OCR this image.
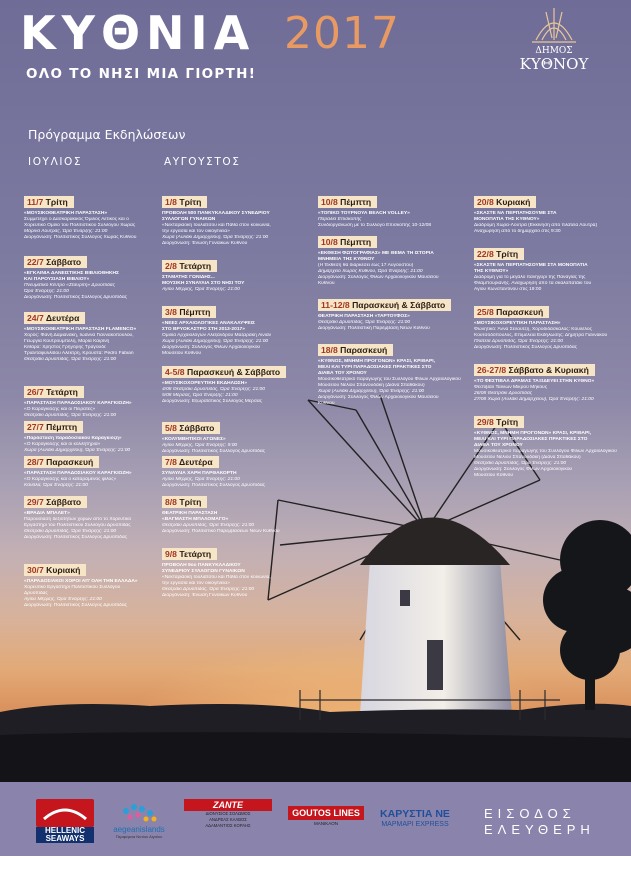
ΚΥΘΝΙΑ 2017
ΟΛΟ ΤΟ ΝΗΣΙ ΜΙΑ ΓΙΟΡΤΗ!
ΔΗΜΟΣ
ΚΥΘΝΟΥ
Πρόγραμμα Εκδηλώσεων
ΙΟΥΛΙΟΣ	ΑΥΓΟΥΣΤΟΣ
11/7 Τρίτη
«ΜΟΥΣΙΚΟΘΕΑΤΡΙΚΗ ΠΑΡΑΣΤΑΣΗ»
Συμμετέχει ο Δασκαρακικός Όμιλος Αετικός και ο
Χορευτικό Ομίλο του Πολιτιστικού Συλλόγου Χώρας
Μαρίνα Λουτράς, Ώρα Έναρξης: 21:00
Διοργάνωση: Πολιτιστικός Σύλλογος Χώρας Κύθνου
22/7 Σάββατο
«ΕΓΚΑΙΝΙΑ ΔΑΝΕΙΣΤΙΚΗΣ ΒΙΒΛΙΟΘΗΚΗΣ
ΚΑΙ ΠΑΡΟΥΣΙΑΣΗ ΒΙΒΛΙΟΥ»
Πνευματικό Κέντρο «Σταυρίτη» Δρυοπίδας
Ώρα Έναρξης: 21:00
Διοργάνωση: Πολιτιστικός Σύλλογος Δρυοπίδας
24/7 Δευτέρα
«ΜΟΥΣΙΚΟΘΕΑΤΡΙΚΗ ΠΑΡΑΣΤΑΣΗ FLAMENCO»
Χορός: Φανή Δαμιανάκη, Ιωάννα Γιαννακοπούλου,
Γεωργία Κουτρουμπέλη, Μαρία Καιρίνη
Κιθάρα: Χρήστος Γρηγόρης Τραγούδι:
Τριανταφυλλίδου Αλέκτρη, Κρουστά: Pedro Fabian
Θεατράκι Δρυοπίδας, Ώρα Έναρξης: 21:00
26/7 Τετάρτη
«ΠΑΡΑΣΤΑΣΗ ΠΑΡΑΔΟΣΙΑΚΟΥ ΚΑΡΑΓΚΙΟΖΗ»
«Ο Καραγκιόζης και οι Πειρατές»
Θεατράκι Δρυοπίδας, Ώρα Έναρξης: 21:00
27/7 Πέμπτη
«Παράσταση παραδοσιακού Καραγκιόζη»
«Ο Καραγκιόζης και οι κολλητήρια»
Χώρα (Αυλάκι Δημαρχείου), Ώρα Έναρξης: 21:00
28/7 Παρασκευή
«ΠΑΡΑΣΤΑΣΗ ΠΑΡΑΔΟΣΙΑΚΟΥ ΚΑΡΑΓΚΙΟΖΗ»
«Ο Καραγκιόζης και ο καταραμένος φίλος»
Κανάλα, Ώρα Έναρξης: 21:00
29/7 Σάββατο
«ΒΡΑΔΙΑ ΜΠΑΛΕΤ»
Παρουσίαση δεξιοτήτων χορών από το Χορευτικό
Εργαστήρι του Πολιτιστικού Συλλόγου Δρυοπίδας
Θεατράκι Δρυοπίδας, Ώρα Έναρξης: 21:00
Διοργάνωση: Πολιτιστικός Σύλλογος Δρυοπίδας
30/7 Κυριακή
«ΠΑΡΑΔΟΣΙΑΚΟΙ ΧΟΡΟΙ ΑΠ' ΟΛΗ ΤΗΝ ΕΛΛΑΔΑ»
Χορευτικό Εργαστήρι Πολιτιστικού Συλλόγου
Δρυοπίδας
Αγίου Μέρμης, Ώρα Έναρξης: 21:00
Διοργάνωση: Πολιτιστικός Σύλλογος Δρυοπίδας
1/8 Τρίτη
ΠΡΟΒΟΛΗ 500 ΠΑΝΚΥΚΛΑΔΙΚΟΥ ΣΥΝΕΔΡΙΟΥ
ΣΥΛΛΟΓΩΝ ΓΥΝΑΙΚΩΝ
«Νεκτάριαοκη Ιουλιάτσου και Πάθα στον κοινωνία,
την εργασία και τον οικογένεια»
Χώρα (Αυλάκι Δημαρχείου), Ώρα Έναρξης: 21:00
Διοργάνωση: Ένωση Γυναικών Κύθνου
2/8 Τετάρτη
ΣΤΑΜΑΤΗΣ ΓΩΝΙΔΗΣ...
ΜΟΥΣΙΚΗ ΣΥΝΑΥΛΙΑ ΣΤΟ ΝΗΣΙ ΤΟΥ
Αγίου Μέρμης, Ώρα Έναρξης: 21:00
3/8 Πέμπτη
«ΝΕΕΣ ΑΡΧΑΙΟΛΟΓΙΚΕΣ ΑΝΑΚΑΛΥΨΕΙΣ
ΣΤΟ ΒΡΥΟΚΑΣΤΡΟ ΣΤΗ 2013-2017»
Ομιλία Αρχαιολόγων Αλεξάνδρου Μαζαράκη Αινιάν
Χώρα (Αυλάκι Δημαρχείου), Ώρα Έναρξης: 21:00
Διοργάνωση: Σύλλογος Φίλων Αρχαιολογικού
Μουσείου Κύθνου
4-5/8 Παρασκευή & Σάββατο
«ΜΟΥΣΙΚΟΧΟΡΕΥΤΙΚΗ ΕΚΔΗΛΩΣΗ»
4/08 Θεατράκι Δρυοπίδας, Ώρα Έναρξης: 21:00
5/08 Μέρσας, Ώρα Έναρξης: 21:00
Διοργάνωση: Εξωραϊστικός Σύλλογος Μέρσας
5/8 Σάββατο
«ΚΟΛΥΜΒΗΤΙΚΟΙ ΑΓΩΝΕΣ»
Αγίου Μέρμης, Ώρα Έναρξης: 9:00
Διοργάνωση: Πολιτιστικός Σύλλογος Δρυοπίδας
7/8 Δευτέρα
ΣΥΝΑΥΛΙΑ ΧΑΡΗ ΠΑΡΘΑΚΟΡΤΗ
Αγίου Μέρμης, Ώρα Έναρξης: 21:00
Διοργάνωση: Πολιτιστικός Σύλλογος Δρυοπίδας
8/8 Τρίτη
ΘΕΑΤΡΙΚΗ ΠΑΡΑΣΤΑΣΗ
«ΒΑΓΜΑΣΤΗ ΜΠΑΛΟΜΑΓΟ»
Θεατράκι Δρυοπίδας, Ώρα Έναρξης: 21:00
Διοργάνωση: Πολιτιστικό Παρεμβάσεων Νέων Κύθνου
9/8 Τετάρτη
ΠΡΟΒΟΛΗ 9ου ΠΑΝΚΥΚΛΑΔΙΚΟΥ
ΣΥΝΕΔΡΙΟΥ ΣΥΛΛΟΓΩΝ ΓΥΝΑΙΚΩΝ
«Νεκτάριαοκη Ιουλιάτσου και Πάθα στον κοινωνία,
την εργασία και τον οικογένεια»
Θεατράκι Δρυοπίδας, Ώρα Έναρξης: 21:00
Διοργάνωση: Ένωση Γυναικών Κύθνου
10/8 Πέμπτη
«ΤΟΠΙΚΟ ΤΟΥΡΝΟΥΑ BEACH VOLLEY»
Παραλία Επισκοπής
Συνδιοργάνωση με το Σύλλογο Επισκοπής 10-12/08
10/8 Πέμπτη
«ΕΚΘΕΣΗ ΦΩΤΟΓΡΑΦΙΑΣ» ΜΕ ΘΕΜΑ ΤΗ ΙΣΤΟΡΙΑ
ΜΝΗΜΕΙΑ ΤΗΣ ΚΥΘΝΟΥ
(Η Έκθεση θα διαρκέσει έως 17 Αυγούστου)
Δημαρχείο Χώρας Κύθνου, Ώρα Έναρξης: 21:00
Διοργάνωση: Σύλλογος Φίλων Αρχαιολογικού Μουσείου
Κύθνου
11-12/8 Παρασκευή & Σάββατο
ΘΕΑΤΡΙΚΗ ΠΑΡΑΣΤΑΣΗ «ΤΑΡΤΟΥΦΟΣ»
Θεατράκι Δρυοπίδας, Ώρα Έναρξης: 21:00
Διοργάνωση: Πολιτιστική Παρέμβαση Νέων Κύθνου
18/8 Παρασκευή
«ΚΥΘΝΟΣ, ΜΝΗΜΗ ΠΡΟΓΟΝΩΝ» ΚΡΑΣΙ, ΚΡΙΘΑΡΙ,
ΜΕΛΙ ΚΑΙ ΤΥΡΙ ΠΑΡΑΔΟΣΙΑΚΕΣ ΠΡΑΚΤΙΚΕΣ ΣΤΟ
ΔΙΑΒΑ ΤΟΥ ΧΡΟΝΟΥ
Μουσικοθεατρικό παραγωγής του Συλλόγου Φίλων Αρχαιολογικού
Μουσείου Νέλιου Σπανουδάκη (Διάνα Σπαθάκου)
Χώρα (Αυλάκι Δημαρχείου), Ώρα Έναρξης: 21:00
Διοργάνωση: Σύλλογος Φίλων Αρχαιολογικού Μουσείου
Κύθνου
20/8 Κυριακή
«ΣΚΑΣΤΕ ΝΑ ΠΕΡΠΑΤΗΣΟΥΜΕ ΣΤΑ
ΜΟΝΟΠΑΤΙΑ ΤΗΣ ΚΥΘΝΟΥ»
Διαδρομή Χώρα-Λουτρά (Εκκίνηση από πλατεία Λουτρά)
Αναχώρηση από το δημαρχείο στις 9:30
22/8 Τρίτη
«ΣΚΑΣΤΕ ΝΑ ΠΕΡΠΑΤΗΣΟΥΜΕ ΣΤΑ ΜΟΝΟΠΑΤΙΑ
ΤΗΣ ΚΥΘΝΟΥ»
Διαδρομή για το μεγάλο πανηγύρι της Παναγίας της
Φλαμπουριανής. Αναχώρηση από τα σκαλοπατάκι του
Αγίου Κωνσταντίνου στις 19:00
25/8 Παρασκευή
«ΜΟΥΣΙΚΟΧΟΡΕΥΤΙΚΗ ΠΑΡΑΣΤΑΣΗ»
Φωνητικό: Άννα Σέλουτζη, Χοροδιδάσκαλος: Κουλέλος
Κουτσόδόπουλος, Επιμέλεια Εκδήλωσης: Δήμητρα Γιαννακού
Πλατεία Δρυοπίδας, Ώρα Έναρξης: 21:00
Διοργάνωση: Πολιτιστικός Σύλλογος Δρυοπίδας
26-27/8 Σάββατο & Κυριακή
«ΤΟ ΦΕΣΤΙΒΑΛ ΔΡΑΜΑΣ ΤΑΞΙΔΕΥΕΙ ΣΤΗΝ ΚΥΘΝΟ»
Φεστιβάλ Ταινιών Μικρού Μήκους
26/08 Θεατράκι Δρυοπίδας
27/08 Χώρα (Αυλάκι Δημαρχείου), Ώρα Έναρξης: 21:00
29/8 Τρίτη
«ΚΥΘΝΟΣ, ΜΝΗΜΗ ΠΡΟΓΟΝΩΝ» ΚΡΑΣΙ, ΚΡΙΘΑΡΙ,
ΜΕΛΙ ΚΑΙ ΤΥΡΙ ΠΑΡΑΔΟΣΙΑΚΕΣ ΠΡΑΚΤΙΚΕΣ ΣΤΟ
ΔΙΑΒΑ ΤΟΥ ΧΡΟΝΟΥ
Μουσικοθεατρικό παραγωγής του Συλλόγου Φίλων Αρχαιολογικού
Μουσείου Νέλιου Σπανουδάκη (Διάνα Σπαθάκου)
Θεατράκι Δρυοπίδας, Ώρα Έναρξης: 21:00
Διοργάνωση: Σύλλογος Φίλων Αρχαιολογικού
Μουσείου Κύθνου
HELLENIC
SEAWAYS
aegeanislands
Περιφέρεια Νοτίου Αιγαίου
ZANTE
ΔΙΟΝΥΣΙΟΣ ΣΟΛΩΜΟΣ
ΑΝΔΡΕΑΣ ΚΑΛΒΟΣ
ΑΔΑΜΑΝΤΙΟΣ ΚΟΡΑΗΣ
GOUTOS LINES
ΜΑΝΙΚΑΟΝ
ΚΑΡΥΣΤΙΑ ΝΕ
ΜΑΡΜΑΡΙ EXPRESS
ΕΙΣΟΔΟΣ
ΕΛΕΥΘΕΡΗ
